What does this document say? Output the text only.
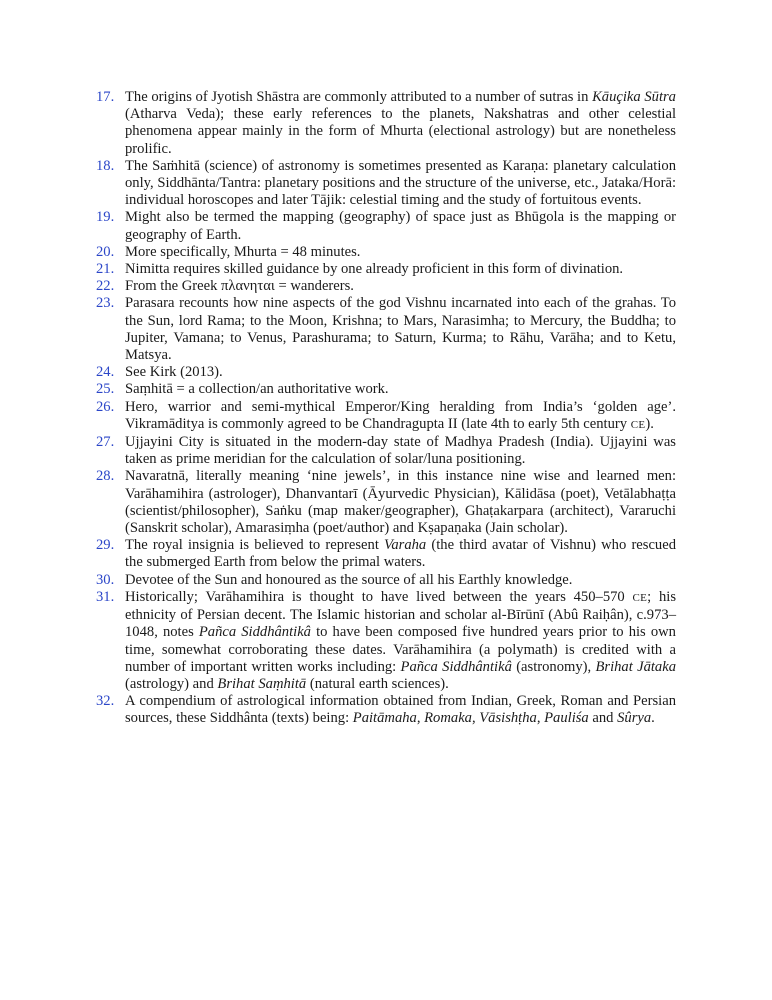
17. The origins of Jyotish Shāstra are commonly attributed to a number of sutras in Kāuçika Sūtra (Atharva Veda); these early references to the planets, Nakshatras and other celestial phenomena appear mainly in the form of Mhurta (electional astrology) but are nonetheless prolific.
18. The Saṁhitā (science) of astronomy is sometimes presented as Karaṇa: planetary calculation only, Siddhānta/Tantra: planetary positions and the structure of the universe, etc., Jataka/Horā: individual horoscopes and later Tājik: celestial timing and the study of fortuitous events.
19. Might also be termed the mapping (geography) of space just as Bhūgola is the mapping or geography of Earth.
20. More specifically, Mhurta = 48 minutes.
21. Nimitta requires skilled guidance by one already proficient in this form of divination.
22. From the Greek πλανηται = wanderers.
23. Parasara recounts how nine aspects of the god Vishnu incarnated into each of the grahas. To the Sun, lord Rama; to the Moon, Krishna; to Mars, Narasimha; to Mercury, the Buddha; to Jupiter, Vamana; to Venus, Parashurama; to Saturn, Kurma; to Rāhu, Varāha; and to Ketu, Matsya.
24. See Kirk (2013).
25. Saṃhitā = a collection/an authoritative work.
26. Hero, warrior and semi-mythical Emperor/King heralding from India’s ‘golden age’. Vikramāditya is commonly agreed to be Chandragupta II (late 4th to early 5th century CE).
27. Ujjayini City is situated in the modern-day state of Madhya Pradesh (India). Ujjayini was taken as prime meridian for the calculation of solar/luna positioning.
28. Navaratnā, literally meaning ‘nine jewels’, in this instance nine wise and learned men: Varāhamihira (astrologer), Dhanvantarī (Āyurvedic Physician), Kālidāsa (poet), Vetālabhaṭṭa (scientist/philosopher), Saṅku (map maker/geographer), Ghaṭakarpara (architect), Vararuchi (Sanskrit scholar), Amarasiṃha (poet/author) and Kṣapaṇaka (Jain scholar).
29. The royal insignia is believed to represent Varaha (the third avatar of Vishnu) who rescued the submerged Earth from below the primal waters.
30. Devotee of the Sun and honoured as the source of all his Earthly knowledge.
31. Historically; Varāhamihira is thought to have lived between the years 450–570 CE; his ethnicity of Persian decent. The Islamic historian and scholar al-Bīrūnī (Abû Raiḥân), c.973–1048, notes Pañca Siddhântikâ to have been composed five hundred years prior to his own time, somewhat corroborating these dates. Varāhamihira (a polymath) is credited with a number of important written works including: Pañca Siddhântikâ (astronomy), Brihat Jātaka (astrology) and Brihat Saṃhitā (natural earth sciences).
32. A compendium of astrological information obtained from Indian, Greek, Roman and Persian sources, these Siddhânta (texts) being: Paitāmaha, Romaka, Vāsishṭha, Pauliśa and Sûrya.
